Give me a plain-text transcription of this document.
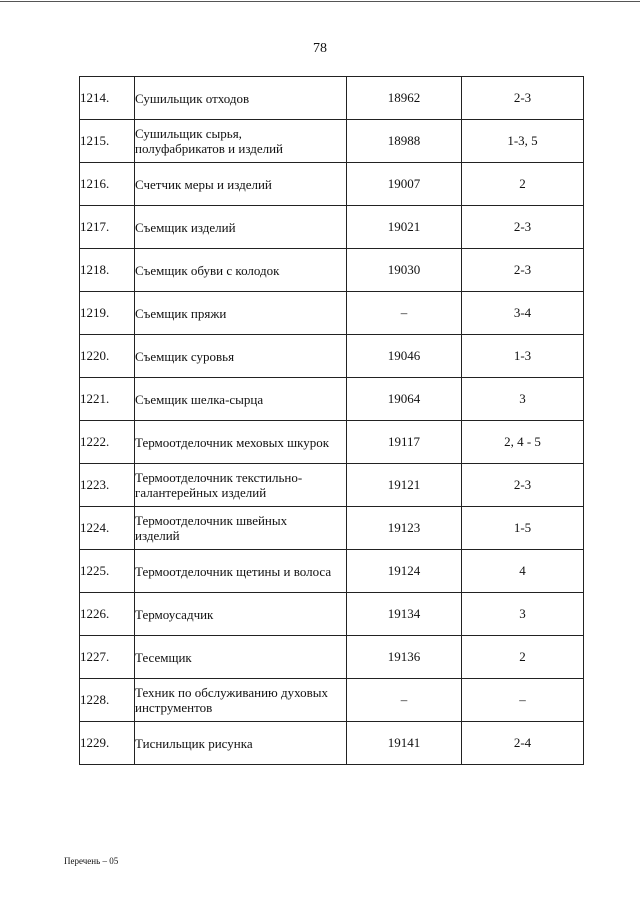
78
1214.	Сушильщик отходов	18962	2-3
1215.	Сушильщик сырья,
полуфабрикатов и изделий	18988	1-3, 5
1216.	Счетчик меры и изделий	19007	2
1217.	Съемщик изделий	19021	2-3
1218.	Съемщик обуви с колодок	19030	2-3
1219.	Съемщик пряжи	–	3-4
1220.	Съемщик суровья	19046	1-3
1221.	Съемщик шелка-сырца	19064	3
1222.	Термоотделочник меховых шкурок	19117	2, 4 - 5
1223.	Термоотделочник текстильно-
галантерейных изделий	19121	2-3
1224.	Термоотделочник швейных
изделий	19123	1-5
1225.	Термоотделочник щетины и волоса	19124	4
1226.	Термоусадчик	19134	3
1227.	Тесемщик	19136	2
1228.	Техник по обслуживанию духовых
инструментов	–	–
1229.	Тиснильщик рисунка	19141	2-4
Перечень – 05
